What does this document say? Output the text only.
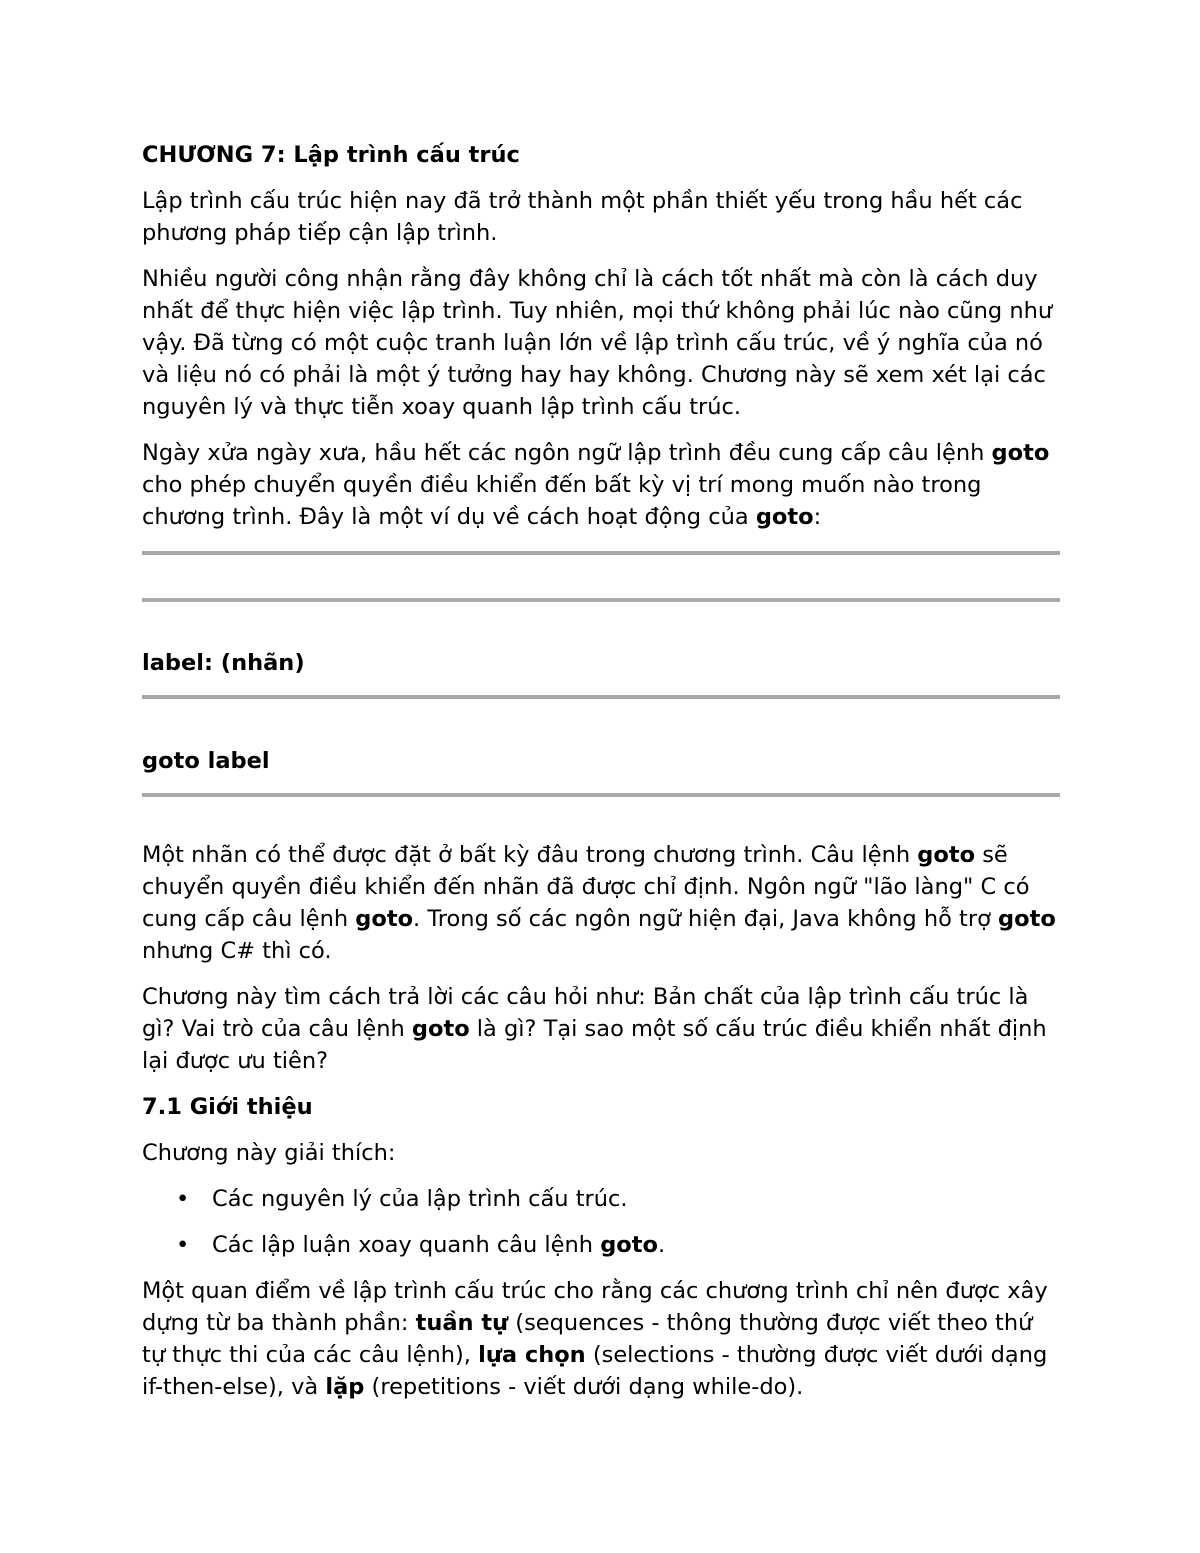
CHƯƠNG 7: Lập trình cấu trúc

Lập trình cấu trúc hiện nay đã trở thành một phần thiết yếu trong hầu hết các phương pháp tiếp cận lập trình.

Nhiều người công nhận rằng đây không chỉ là cách tốt nhất mà còn là cách duy nhất để thực hiện việc lập trình. Tuy nhiên, mọi thứ không phải lúc nào cũng như vậy. Đã từng có một cuộc tranh luận lớn về lập trình cấu trúc, về ý nghĩa của nó và liệu nó có phải là một ý tưởng hay hay không. Chương này sẽ xem xét lại các nguyên lý và thực tiễn xoay quanh lập trình cấu trúc.

Ngày xửa ngày xưa, hầu hết các ngôn ngữ lập trình đều cung cấp câu lệnh goto cho phép chuyển quyền điều khiển đến bất kỳ vị trí mong muốn nào trong chương trình. Đây là một ví dụ về cách hoạt động của goto:

label: (nhãn)

goto label

Một nhãn có thể được đặt ở bất kỳ đâu trong chương trình. Câu lệnh goto sẽ chuyển quyền điều khiển đến nhãn đã được chỉ định. Ngôn ngữ "lão làng" C có cung cấp câu lệnh goto. Trong số các ngôn ngữ hiện đại, Java không hỗ trợ goto nhưng C# thì có.

Chương này tìm cách trả lời các câu hỏi như: Bản chất của lập trình cấu trúc là gì? Vai trò của câu lệnh goto là gì? Tại sao một số cấu trúc điều khiển nhất định lại được ưu tiên?

7.1 Giới thiệu

Chương này giải thích:

• Các nguyên lý của lập trình cấu trúc.
• Các lập luận xoay quanh câu lệnh goto.

Một quan điểm về lập trình cấu trúc cho rằng các chương trình chỉ nên được xây dựng từ ba thành phần: tuần tự (sequences - thông thường được viết theo thứ tự thực thi của các câu lệnh), lựa chọn (selections - thường được viết dưới dạng if-then-else), và lặp (repetitions - viết dưới dạng while-do).
